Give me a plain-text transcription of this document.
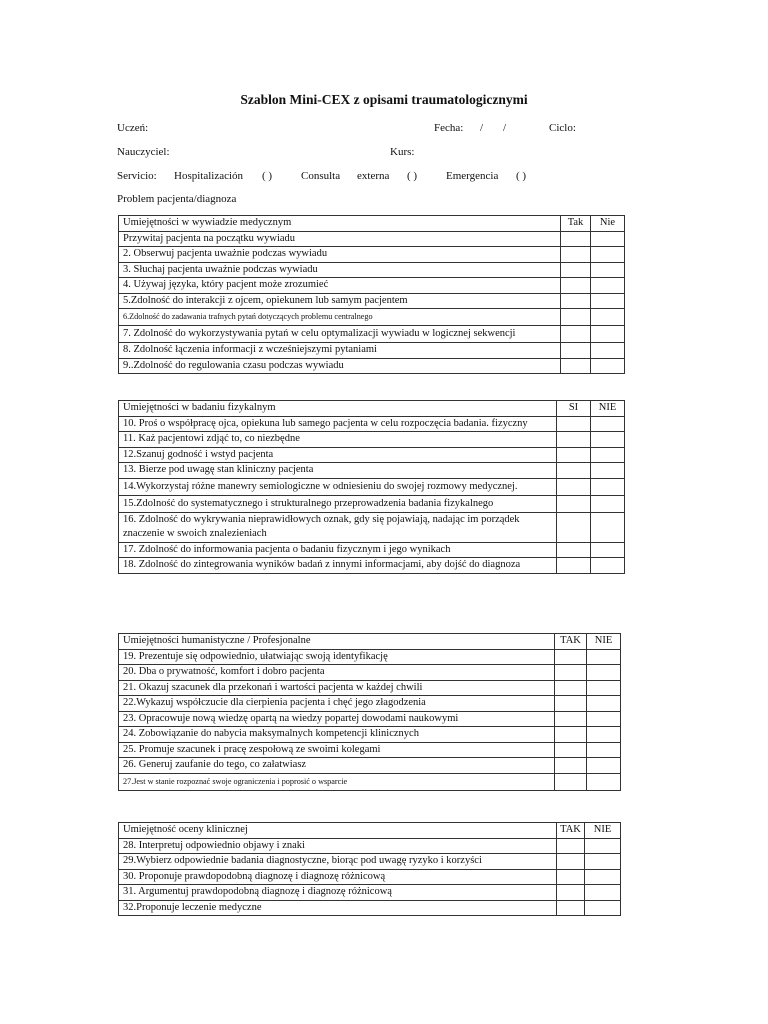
Szablon Mini-CEX z opisami traumatologicznymi
Uczeń:	Fecha: / /	Ciclo:
Nauczyciel:	Kurs:
Servicio: Hospitalización ( )	Consulta externa ( )	Emergencia ( )
Problem pacjenta/diagnoza
Umiejętności w wywiadzie medycznym	Tak	Nie
Przywitaj pacjenta na początku wywiadu		
2. Obserwuj pacjenta uważnie podczas wywiadu		
3. Słuchaj pacjenta uważnie podczas wywiadu		
4. Używaj języka, który pacjent może zrozumieć		
5.Zdolność do interakcji z ojcem, opiekunem lub samym pacjentem		
6.Zdolność do zadawania trafnych pytań dotyczących problemu centralnego		
7. Zdolność do wykorzystywania pytań w celu optymalizacji wywiadu w logicznej sekwencji		
8. Zdolność łączenia informacji z wcześniejszymi pytaniami		
9..Zdolność do regulowania czasu podczas wywiadu		
Umiejętności w badaniu fizykalnym	SI	NIE
10. Proś o współpracę ojca, opiekuna lub samego pacjenta w celu rozpoczęcia badania. fizyczny		
11. Każ pacjentowi zdjąć to, co niezbędne		
12.Szanuj godność i wstyd pacjenta		
13. Bierze pod uwagę stan kliniczny pacjenta		
14.Wykorzystaj różne manewry semiologiczne w odniesieniu do swojej rozmowy medycznej.		
15.Zdolność do systematycznego i strukturalnego przeprowadzenia badania fizykalnego		
16. Zdolność do wykrywania nieprawidłowych oznak, gdy się pojawiają, nadając im porządek znaczenie w swoich znalezieniach		
17. Zdolność do informowania pacjenta o badaniu fizycznym i jego wynikach		
18. Zdolność do zintegrowania wyników badań z innymi informacjami, aby dojść do diagnoza		
Umiejętności humanistyczne / Profesjonalne	TAK	NIE
19. Prezentuje się odpowiednio, ułatwiając swoją identyfikację		
20. Dba o prywatność, komfort i dobro pacjenta		
21. Okazuj szacunek dla przekonań i wartości pacjenta w każdej chwili		
22.Wykazuj współczucie dla cierpienia pacjenta i chęć jego złagodzenia		
23. Opracowuje nową wiedzę opartą na wiedzy popartej dowodami naukowymi		
24. Zobowiązanie do nabycia maksymalnych kompetencji klinicznych		
25. Promuje szacunek i pracę zespołową ze swoimi kolegami		
26. Generuj zaufanie do tego, co załatwiasz		
27.Jest w stanie rozpoznać swoje ograniczenia i poprosić o wsparcie		
Umiejętność oceny klinicznej	TAK	NIE
28. Interpretuj odpowiednio objawy i znaki		
29.Wybierz odpowiednie badania diagnostyczne, biorąc pod uwagę ryzyko i korzyści		
30. Proponuje prawdopodobną diagnozę i diagnozę różnicową		
31. Argumentuj prawdopodobną diagnozę i diagnozę różnicową		
32.Proponuje leczenie medyczne		
